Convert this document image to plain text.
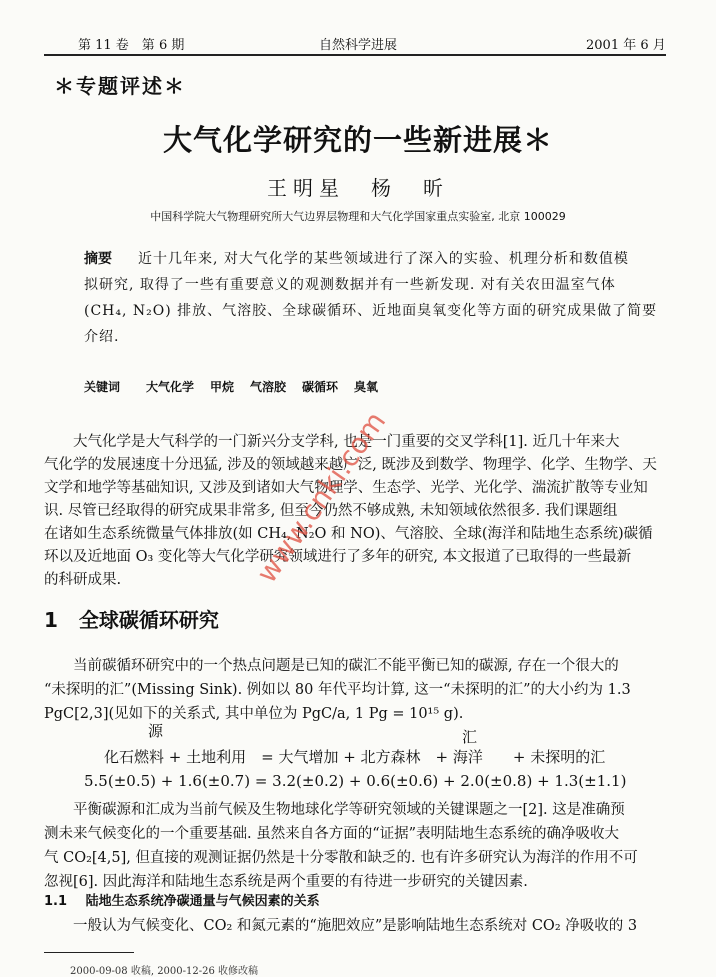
第 11 卷　第 6 期	自然科学进展	2001 年 6 月
＊专题评述＊
大气化学研究的一些新进展＊
王明星　杨　昕
中国科学院大气物理研究所大气边界层物理和大气化学国家重点实验室, 北京 100029
摘要 近十几年来, 对大气化学的某些领域进行了深入的实验、机理分析和数值模
拟研究, 取得了一些有重要意义的观测数据并有一些新发现. 对有关农田温室气体
(CH₄, N₂O) 排放、气溶胶、全球碳循环、近地面臭氧变化等方面的研究成果做了简要
介绍.
关键词 大气化学 甲烷 气溶胶 碳循环 臭氧
　　大气化学是大气科学的一门新兴分支学科, 也是一门重要的交叉学科[1]. 近几十年来大
气化学的发展速度十分迅猛, 涉及的领域越来越广泛, 既涉及到数学、物理学、化学、生物学、天
文学和地学等基础知识, 又涉及到诸如大气物理学、生态学、光学、光化学、湍流扩散等专业知
识. 尽管已经取得的研究成果非常多, 但至今仍然不够成熟, 未知领域依然很多. 我们课题组
在诸如生态系统微量气体排放(如 CH₄, N₂O 和 NO)、气溶胶、全球(海洋和陆地生态系统)碳循
环以及近地面 O₃ 变化等大气化学研究领域进行了多年的研究, 本文报道了已取得的一些最新
的科研成果.
1 全球碳循环研究
　　当前碳循环研究中的一个热点问题是已知的碳汇不能平衡已知的碳源, 存在一个很大的
“未探明的汇”(Missing Sink). 例如以 80 年代平均计算, 这一“未探明的汇”的大小约为 1.3
PgC[2,3](见如下的关系式, 其中单位为 PgC/a, 1 Pg = 10¹⁵ g).
源	汇
化石燃料 + 土地利用　= 大气增加 + 北方森林　+ 海洋　　+ 未探明的汇
5.5(±0.5) + 1.6(±0.7) = 3.2(±0.2) + 0.6(±0.6) + 2.0(±0.8) + 1.3(±1.1)
　　平衡碳源和汇成为当前气候及生物地球化学等研究领域的关键课题之一[2]. 这是准确预
测未来气候变化的一个重要基础. 虽然来自各方面的“证据”表明陆地生态系统的确净吸收大
气 CO₂[4,5], 但直接的观测证据仍然是十分零散和缺乏的. 也有许多研究认为海洋的作用不可
忽视[6]. 因此海洋和陆地生态系统是两个重要的有待进一步研究的关键因素.
1.1 陆地生态系统净碳通量与气候因素的关系
　　一般认为气候变化、CO₂ 和氮元素的“施肥效应”是影响陆地生态系统对 CO₂ 净吸收的 3
2000-09-08 收稿, 2000-12-26 收修改稿
www.cnki.com
